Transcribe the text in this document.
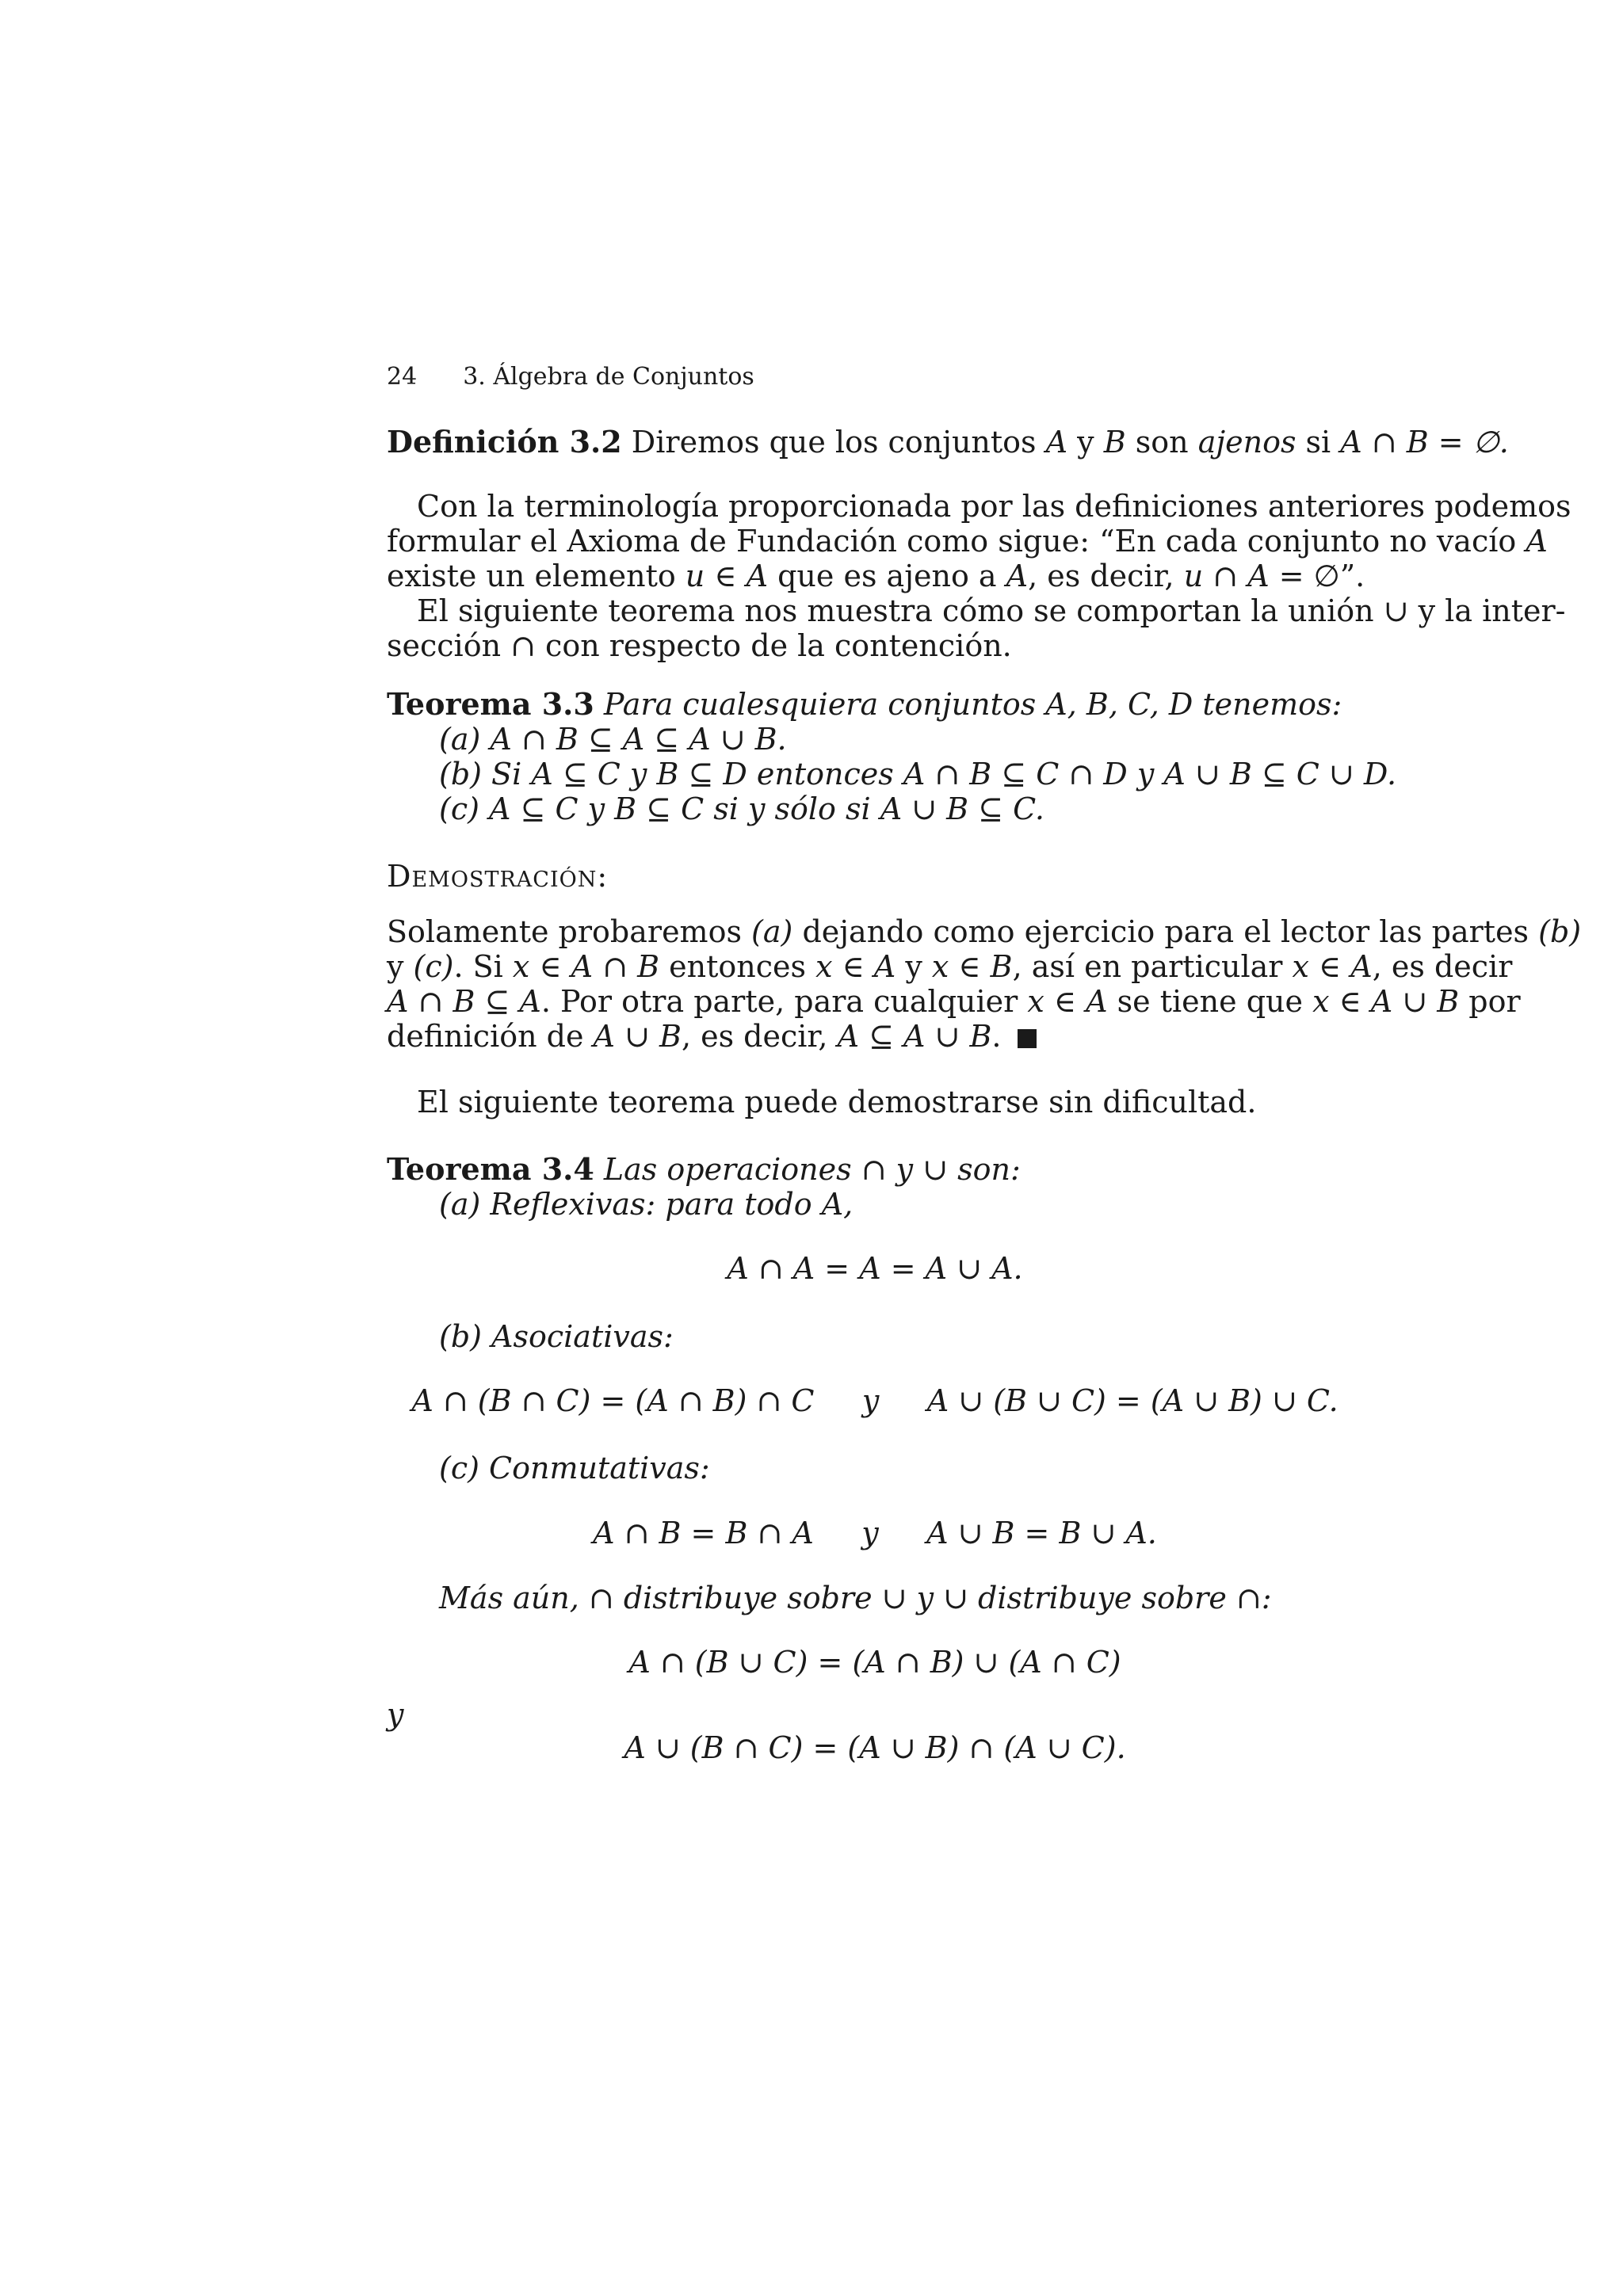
24 3. Álgebra de Conjuntos
Definición 3.2 Diremos que los conjuntos A y B son ajenos si A ∩ B = ∅.
Con la terminología proporcionada por las definiciones anteriores podemos
formular el Axioma de Fundación como sigue: “En cada conjunto no vacío A
existe un elemento u ∈ A que es ajeno a A, es decir, u ∩ A = ∅”.
El siguiente teorema nos muestra cómo se comportan la unión ∪ y la inter-
sección ∩ con respecto de la contención.
Teorema 3.3 Para cualesquiera conjuntos A, B, C, D tenemos:
(a) A ∩ B ⊆ A ⊆ A ∪ B.
(b) Si A ⊆ C y B ⊆ D entonces A ∩ B ⊆ C ∩ D y A ∪ B ⊆ C ∪ D.
(c) A ⊆ C y B ⊆ C si y sólo si A ∪ B ⊆ C.
Demostración:
Solamente probaremos (a) dejando como ejercicio para el lector las partes (b)
y (c). Si x ∈ A ∩ B entonces x ∈ A y x ∈ B, así en particular x ∈ A, es decir
A ∩ B ⊆ A. Por otra parte, para cualquier x ∈ A se tiene que x ∈ A ∪ B por
definición de A ∪ B, es decir, A ⊆ A ∪ B.
El siguiente teorema puede demostrarse sin dificultad.
Teorema 3.4 Las operaciones ∩ y ∪ son:
(a) Reflexivas: para todo A,
A ∩ A = A = A ∪ A.
(b) Asociativas:
A ∩ (B ∩ C) = (A ∩ B) ∩ C     y     A ∪ (B ∪ C) = (A ∪ B) ∪ C.
(c) Conmutativas:
A ∩ B = B ∩ A     y     A ∪ B = B ∪ A.
Más aún, ∩ distribuye sobre ∪ y ∪ distribuye sobre ∩:
A ∩ (B ∪ C) = (A ∩ B) ∪ (A ∩ C)
y
A ∪ (B ∩ C) = (A ∪ B) ∩ (A ∪ C).
